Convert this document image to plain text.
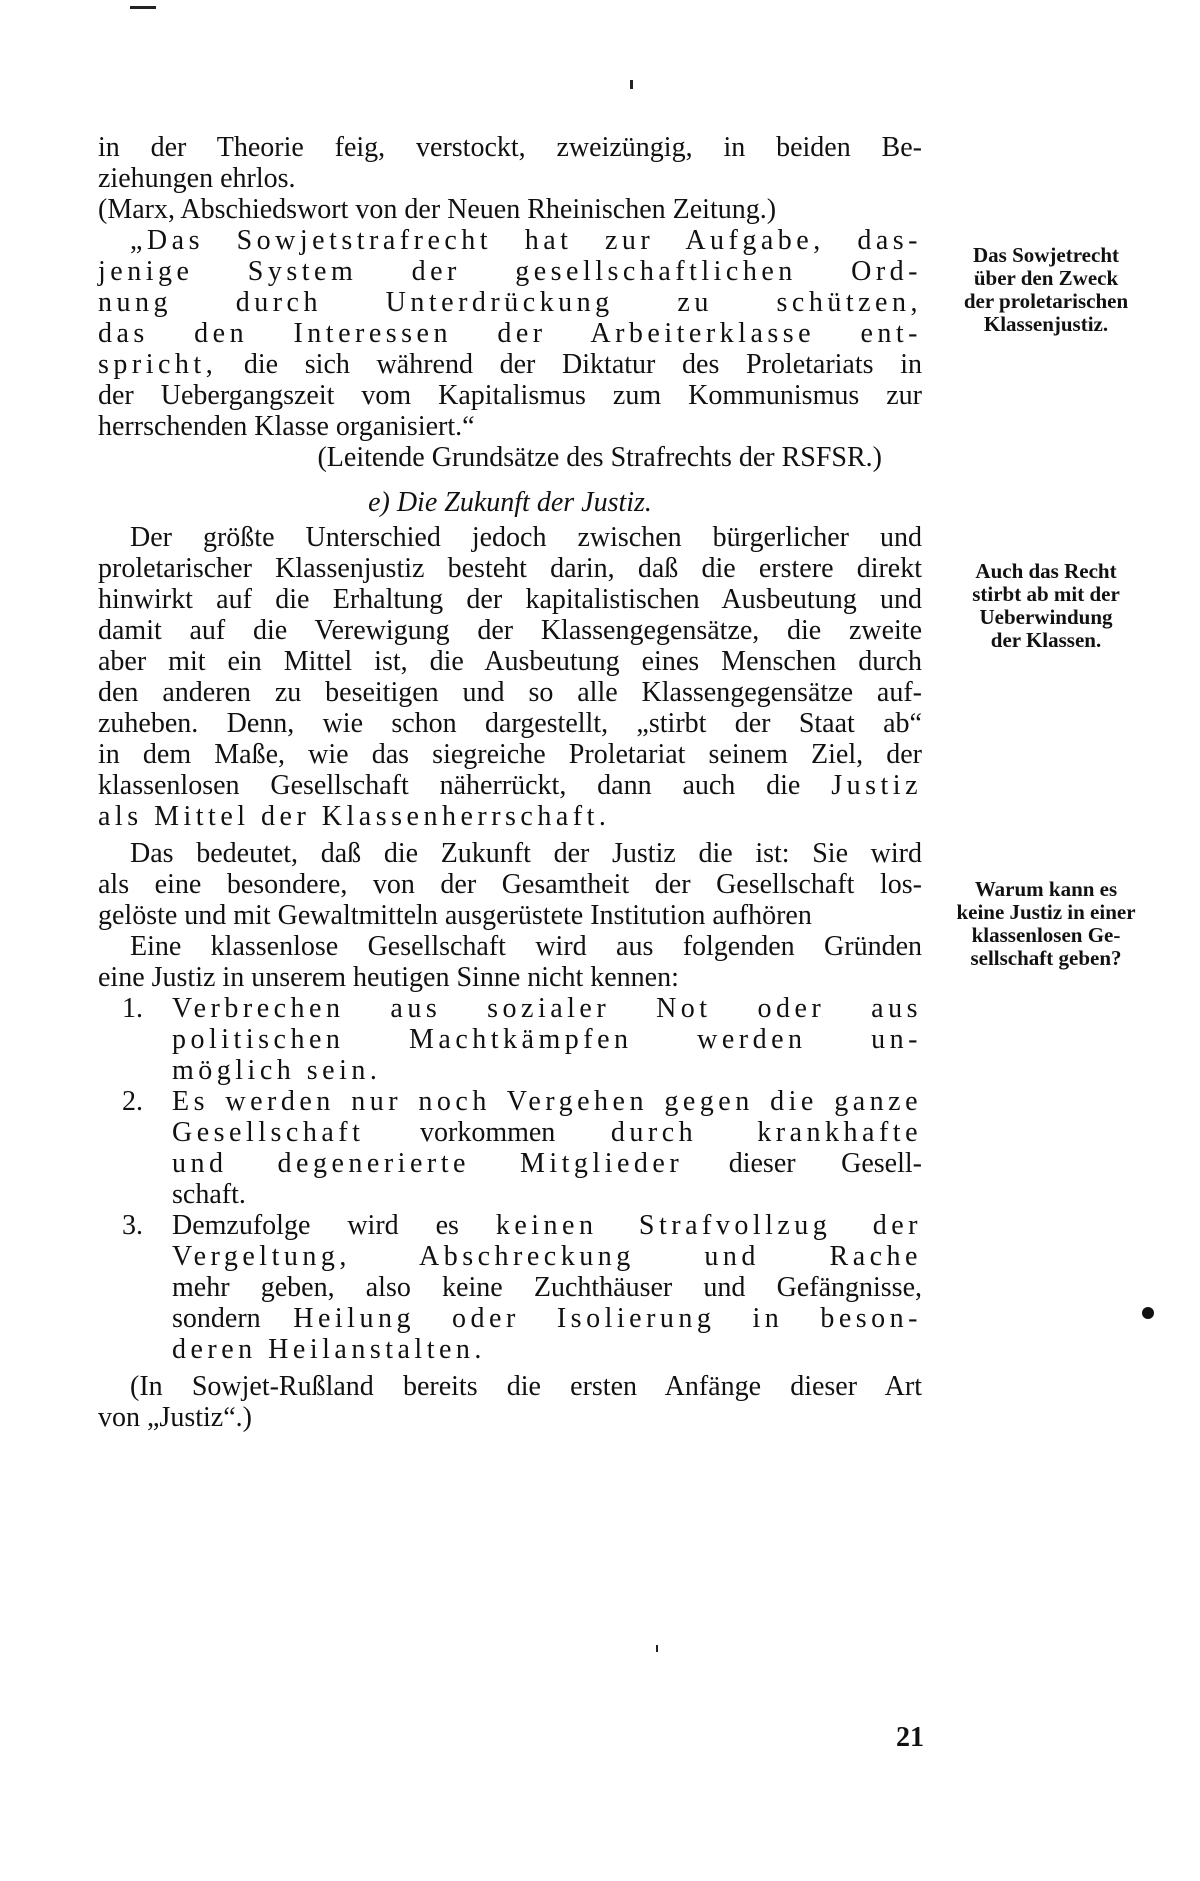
in der Theorie feig, verstockt, zweizüngig, in beiden Be-

ziehungen ehrlos.

(Marx, Abschiedswort von der Neuen Rheinischen Zeitung.)

„Das Sowjetstrafrecht hat zur Aufgabe, das-

jenige System der gesellschaftlichen Ord-

nung durch Unterdrückung zu schützen,

das den Interessen der Arbeiterklasse ent-

spricht, die sich während der Diktatur des Proletariats in

der Uebergangszeit vom Kapitalismus zum Kommunismus zur

herrschenden Klasse organisiert.“

(Leitende Grundsätze des Strafrechts der RSFSR.)

e) Die Zukunft der Justiz.

Der größte Unterschied jedoch zwischen bürgerlicher und

proletarischer Klassenjustiz besteht darin, daß die erstere direkt

hinwirkt auf die Erhaltung der kapitalistischen Ausbeutung und

damit auf die Verewigung der Klassengegensätze, die zweite

aber mit ein Mittel ist, die Ausbeutung eines Menschen durch

den anderen zu beseitigen und so alle Klassengegensätze auf-

zuheben. Denn, wie schon dargestellt, „stirbt der Staat ab“

in dem Maße, wie das siegreiche Proletariat seinem Ziel, der

klassenlosen Gesellschaft näherrückt, dann auch die Justiz

als Mittel der Klassenherrschaft.

Das bedeutet, daß die Zukunft der Justiz die ist: Sie wird

als eine besondere, von der Gesamtheit der Gesellschaft los-

gelöste und mit Gewaltmitteln ausgerüstete Institution aufhören

Eine klassenlose Gesellschaft wird aus folgenden Gründen

eine Justiz in unserem heutigen Sinne nicht kennen:

1. Verbrechen aus sozialer Not oder aus

politischen Machtkämpfen werden un-

möglich sein.

2. Es werden nur noch Vergehen gegen die ganze

Gesellschaft vorkommen durch krankhafte

und degenerierte Mitglieder dieser Gesell-

schaft.

3. Demzufolge wird es keinen Strafvollzug der

Vergeltung, Abschreckung und Rache

mehr geben, also keine Zuchthäuser und Gefängnisse,

sondern Heilung oder Isolierung in beson-

deren Heilanstalten.

(In Sowjet-Rußland bereits die ersten Anfänge dieser Art

von „Justiz“.)

Das Sowjetrecht

über den Zweck

der proletarischen

Klassenjustiz.

Auch das Recht

stirbt ab mit der

Ueberwindung

der Klassen.

Warum kann es

keine Justiz in einer

klassenlosen Ge-

sellschaft geben?

21
